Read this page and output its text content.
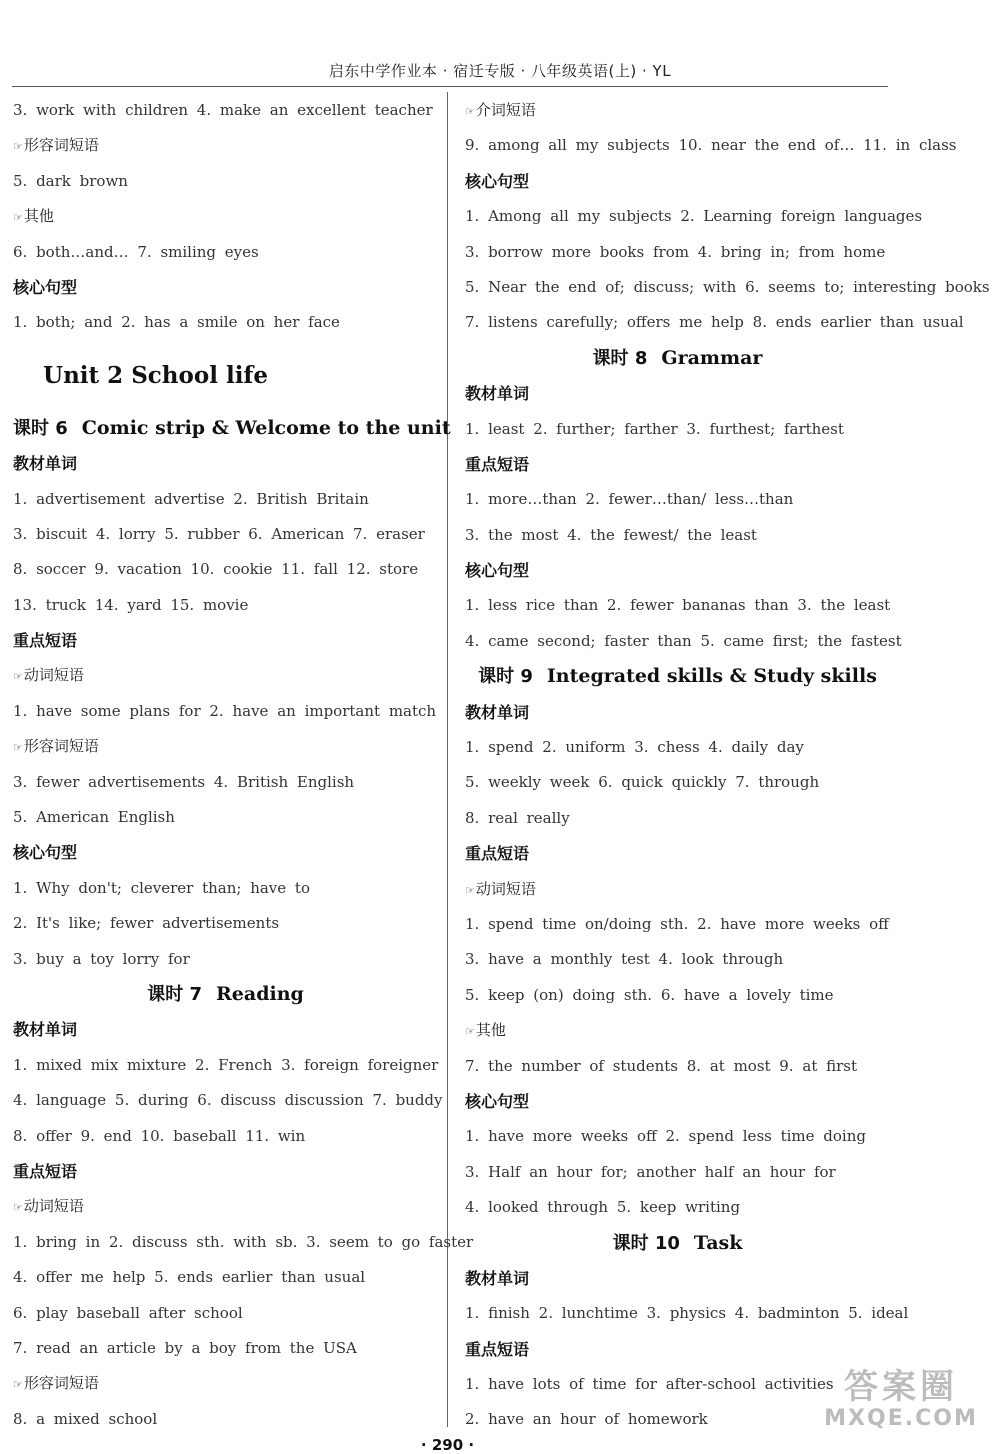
启东中学作业本 · 宿迁专版 · 八年级英语(上) · YL
3. work with children 4. make an excellent teacher
☞ 形容词短语
5. dark brown
☞ 其他
6. both…and… 7. smiling eyes
核心句型
1. both; and 2. has a smile on her face
Unit 2 School life
课时 6 Comic strip & Welcome to the unit
教材单词
1. advertisement advertise 2. British Britain
3. biscuit 4. lorry 5. rubber 6. American 7. eraser
8. soccer 9. vacation 10. cookie 11. fall 12. store
13. truck 14. yard 15. movie
重点短语
☞ 动词短语
1. have some plans for 2. have an important match
☞ 形容词短语
3. fewer advertisements 4. British English
5. American English
核心句型
1. Why don't; cleverer than; have to
2. It's like; fewer advertisements
3. buy a toy lorry for
课时 7 Reading
教材单词
1. mixed mix mixture 2. French 3. foreign foreigner
4. language 5. during 6. discuss discussion 7. buddy
8. offer 9. end 10. baseball 11. win
重点短语
☞ 动词短语
1. bring in 2. discuss sth. with sb. 3. seem to go faster
4. offer me help 5. ends earlier than usual
6. play baseball after school
7. read an article by a boy from the USA
☞ 形容词短语
8. a mixed school
☞ 介词短语
9. among all my subjects 10. near the end of… 11. in class
核心句型
1. Among all my subjects 2. Learning foreign languages
3. borrow more books from 4. bring in; from home
5. Near the end of; discuss; with 6. seems to; interesting books
7. listens carefully; offers me help 8. ends earlier than usual
课时 8 Grammar
教材单词
1. least 2. further; farther 3. furthest; farthest
重点短语
1. more…than 2. fewer…than/ less…than
3. the most 4. the fewest/ the least
核心句型
1. less rice than 2. fewer bananas than 3. the least
4. came second; faster than 5. came first; the fastest
课时 9 Integrated skills & Study skills
教材单词
1. spend 2. uniform 3. chess 4. daily day
5. weekly week 6. quick quickly 7. through
8. real really
重点短语
☞ 动词短语
1. spend time on/doing sth. 2. have more weeks off
3. have a monthly test 4. look through
5. keep (on) doing sth. 6. have a lovely time
☞ 其他
7. the number of students 8. at most 9. at first
核心句型
1. have more weeks off 2. spend less time doing
3. Half an hour for; another half an hour for
4. looked through 5. keep writing
课时 10 Task
教材单词
1. finish 2. lunchtime 3. physics 4. badminton 5. ideal
重点短语
1. have lots of time for after-school activities
2. have an hour of homework
· 290 ·
答案圈
MXQE.COM
